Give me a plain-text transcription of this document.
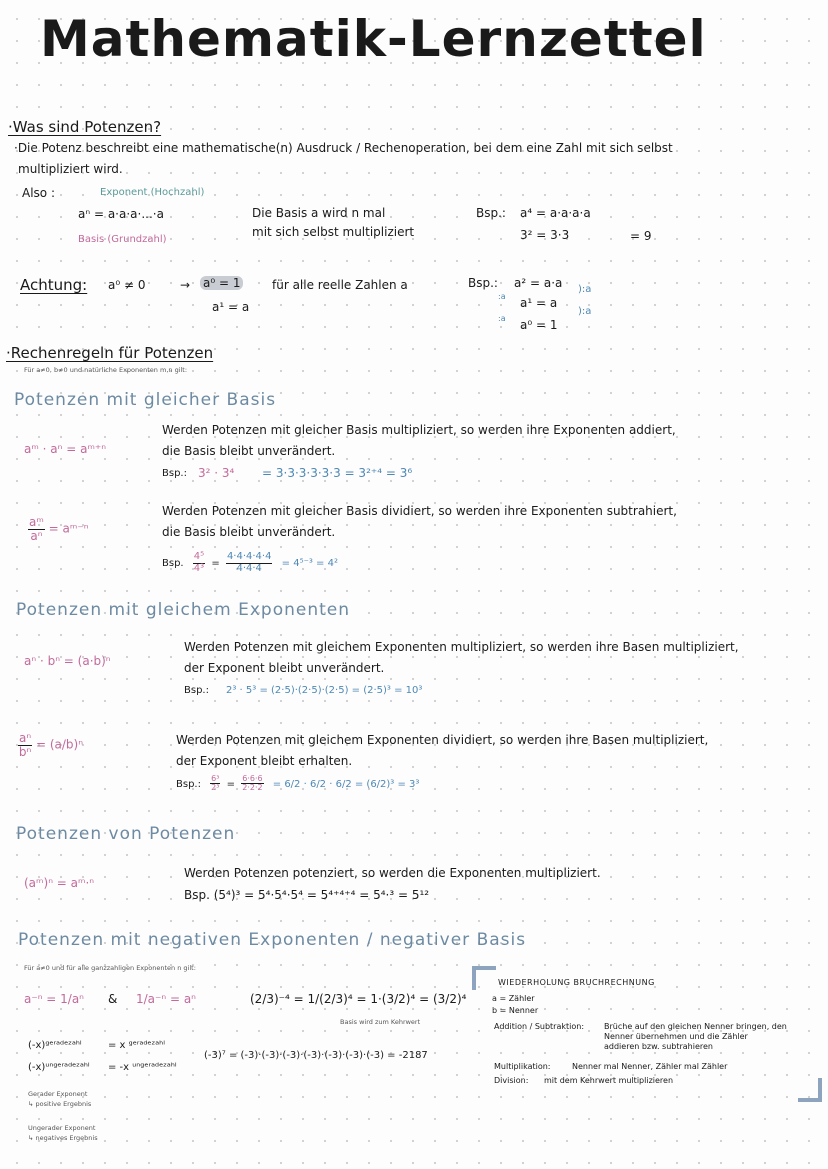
Mathematik-Lernzettel
·Was sind Potenzen?
·Die Potenz beschreibt eine mathematische(n) Ausdruck / Rechenoperation, bei dem eine Zahl mit sich selbst
multipliziert wird.
Also :	Exponent (Hochzahl)
aⁿ = a·a·a·...·a
Basis (Grundzahl)
Die Basis a wird n mal
mit sich selbst multipliziert
Bsp.: a⁴ = a·a·a·a
3² = 3·3	= 9
Achtung: a⁰ ≠ 0	→ a⁰ = 1	für alle reelle Zahlen a
a¹ = a
Bsp.: a² = a·a
a¹ = a
a⁰ = 1
:a
:a
):a
):a
·Rechenregeln für Potenzen
Für a≠0, b≠0 und natürliche Exponenten m,n gilt:
Potenzen mit gleicher Basis
aᵐ · aⁿ = aᵐ⁺ⁿ
Werden Potenzen mit gleicher Basis multipliziert, so werden ihre Exponenten addiert,
die Basis bleibt unverändert.
Bsp.: 3² · 3⁴ = 3·3·3·3·3·3 = 3²⁺⁴ = 3⁶
$\frac{\text{aᵐ}}{\text{aⁿ}}$ = aᵐ⁻ⁿ
Werden Potenzen mit gleicher Basis dividiert, so werden ihre Exponenten subtrahiert,
die Basis bleibt unverändert.
Bsp. $\frac{\text{4⁵}}{\text{4³}} = \frac{4\cdot 4\cdot 4\cdot 4\cdot 4}{4\cdot 4\cdot 4} = 4^{5-3} = 4^2$
Potenzen mit gleichem Exponenten
aⁿ · bⁿ = (a·b)ⁿ
Werden Potenzen mit gleichem Exponenten multipliziert, so werden ihre Basen multipliziert,
der Exponent bleibt unverändert.
Bsp.: 2³ · 5³ = (2·5)·(2·5)·(2·5) = (2·5)³ = 10³
$\frac{\text{aⁿ}}{\text{bⁿ}} = (a/b)^n$	Werden Potenzen mit gleichem Exponenten dividiert, so werden ihre Basen multipliziert,
der Exponent bleibt erhalten.
Bsp.: $\frac{\text{6³}}{\text{2³}} = \frac{6\cdot 6\cdot 6}{2\cdot 2\cdot 2} = 6/2 \cdot 6/2 \cdot 6/2 = (6/2)^3 = 3^3$
Potenzen von Potenzen
(aᵐ)ⁿ = aᵐ·ⁿ
Werden Potenzen potenziert, so werden die Exponenten multipliziert.
Bsp. (5⁴)³ = 5⁴·5⁴·5⁴ = 5⁴⁺⁴⁺⁴ = 5⁴·³ = 5¹²
Potenzen mit negativen Exponenten / negativer Basis
Für a≠0 und für alle ganzzahligen Exponenten n gilt:
a⁻ⁿ = 1/aⁿ & 1/a⁻ⁿ = aⁿ	(2/3)⁻⁴ = 1/(2/3)⁴ = 1·(3/2)⁴ = (3/2)⁴
Basis wird zum Kehrwert
(-x)ᵍᵉʳᵃᵈᵉᶻᵃʰˡ	= x ᵍᵉʳᵃᵈᵉᶻᵃʰˡ
(-x)ᵘⁿᵍᵉʳᵃᵈᵉᶻᵃʰˡ = -x ᵘⁿᵍᵉʳᵃᵈᵉᶻᵃʰˡ
(-3)⁷ = (-3)·(-3)·(-3)·(-3)·(-3)·(-3)·(-3) = -2187
Gerader Exponent
↳ positive Ergebnis
Ungerader Exponent
↳ negatives Ergebnis
WIEDERHOLUNG BRUCHRECHNUNG
a = Zähler
b = Nenner
Addition / Subtraktion: Brüche auf den gleichen Nenner bringen, den
Nenner übernehmen und die Zähler
addieren bzw. subtrahieren
Multiplikation:	Nenner mal Nenner, Zähler mal Zähler
Division: mit dem Kehrwert multiplizieren
